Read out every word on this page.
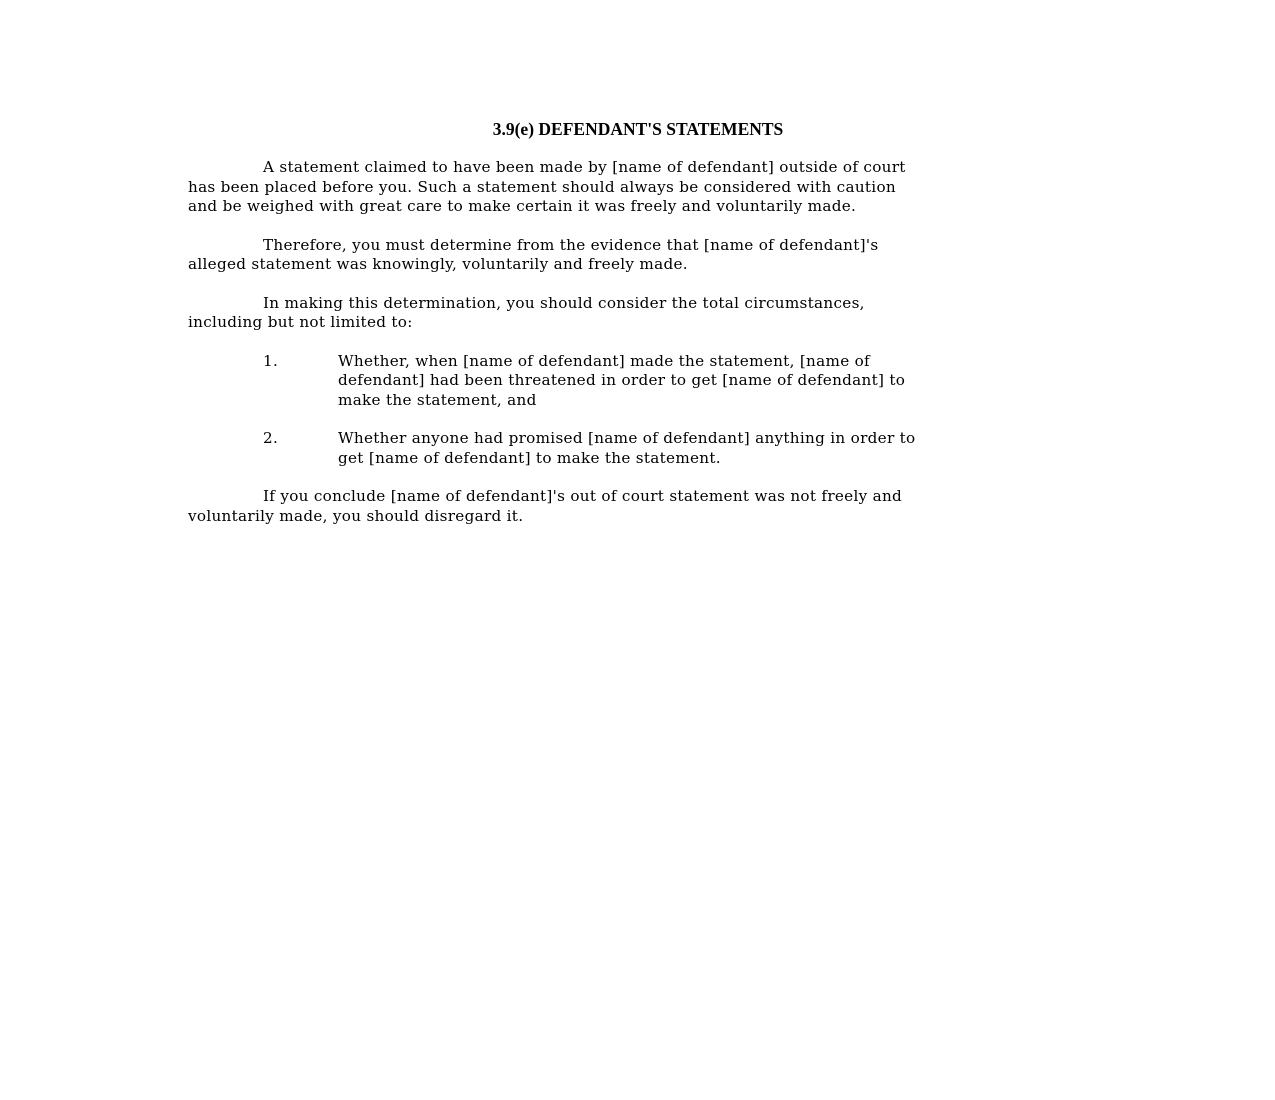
3.9(e) DEFENDANT'S STATEMENTS
A statement claimed to have been made by [name of defendant] outside of court
has been placed before you. Such a statement should always be considered with caution
and be weighed with great care to make certain it was freely and voluntarily made.
Therefore, you must determine from the evidence that [name of defendant]'s
alleged statement was knowingly, voluntarily and freely made.
In making this determination, you should consider the total circumstances,
including but not limited to:
1.	Whether, when [name of defendant] made the statement, [name of
defendant] had been threatened in order to get [name of defendant] to
make the statement, and
2.	Whether anyone had promised [name of defendant] anything in order to
get [name of defendant] to make the statement.
If you conclude [name of defendant]'s out of court statement was not freely and
voluntarily made, you should disregard it.
